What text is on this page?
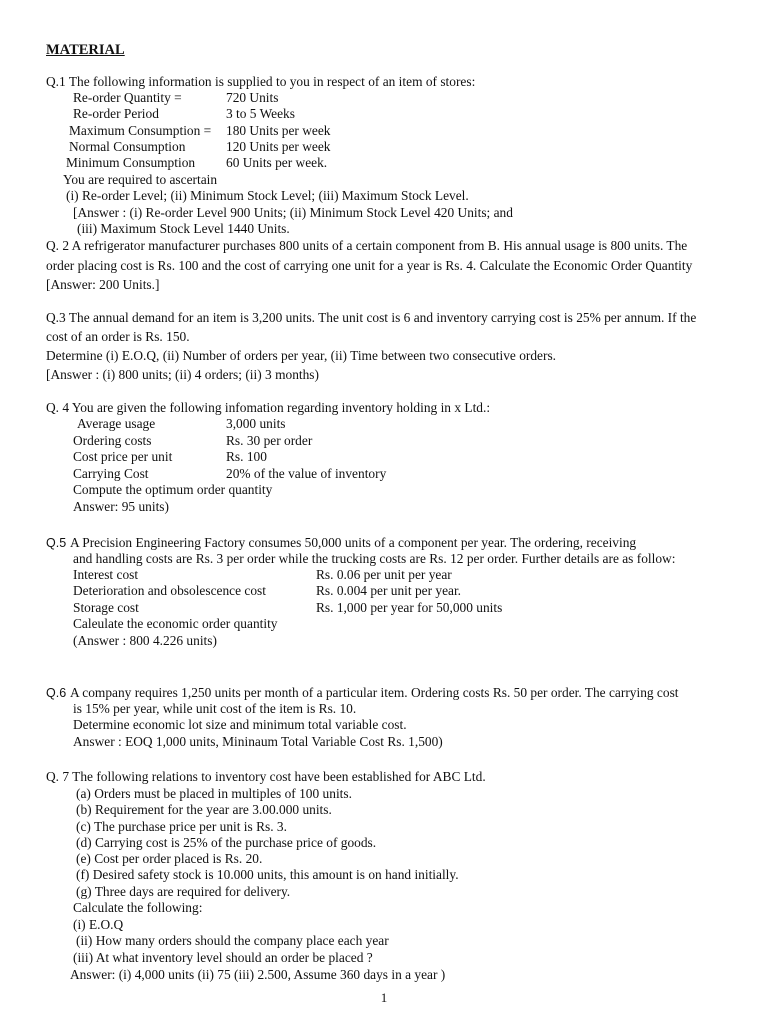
MATERIAL
Q.1 The following information is supplied to you in respect of an item of stores:
Re-order Quantity =	720 Units
Re-order Period	3 to 5 Weeks
Maximum Consumption = 180 Units per week
Normal Consumption	120 Units per week
Minimum Consumption 60 Units per week.
You are required to ascertain
(i) Re-order Level; (ii) Minimum Stock Level; (iii) Maximum Stock Level.
[Answer : (i) Re-order Level 900 Units; (ii) Minimum Stock Level 420 Units; and
(iii) Maximum Stock Level 1440 Units.
Q. 2 A refrigerator manufacturer purchases 800 units of a certain component from B. His annual usage is 800 units. The
order placing cost is Rs. 100 and the cost of carrying one unit for a year is Rs. 4. Calculate the Economic Order Quantity
[Answer: 200 Units.]
Q.3 The annual demand for an item is 3,200 units. The unit cost is 6 and inventory carrying cost is 25% per annum. If the
cost of an order is Rs. 150.
Determine (i) E.O.Q, (ii) Number of orders per year, (ii) Time between two consecutive orders.
[Answer : (i) 800 units; (ii) 4 orders; (ii) 3 months)
Q. 4 You are given the following infomation regarding inventory holding in x Ltd.:
Average usage	3,000 units
Ordering costs	Rs. 30 per order
Cost price per unit	Rs. 100
Carrying Cost	20% of the value of inventory
Compute the optimum order quantity
Answer: 95 units)
Q.5 A Precision Engineering Factory consumes 50,000 units of a component per year. The ordering, receiving
and handling costs are Rs. 3 per order while the trucking costs are Rs. 12 per order. Further details are as follow:
Interest cost	Rs. 0.06 per unit per year
Deterioration and obsolescence cost	Rs. 0.004 per unit per year.
Storage cost	Rs. 1,000 per year for 50,000 units
Caleulate the economic order quantity
(Answer : 800 4.226 units)
Q.6 A company requires 1,250 units per month of a particular item. Ordering costs Rs. 50 per order. The carrying cost
is 15% per year, while unit cost of the item is Rs. 10.
Determine economic lot size and minimum total variable cost.
Answer : EOQ 1,000 units, Mininaum Total Variable Cost Rs. 1,500)
Q. 7 The following relations to inventory cost have been established for ABC Ltd.
(a) Orders must be placed in multiples of 100 units.
(b) Requirement for the year are 3.00.000 units.
(c) The purchase price per unit is Rs. 3.
(d) Carrying cost is 25% of the purchase price of goods.
(e) Cost per order placed is Rs. 20.
(f) Desired safety stock is 10.000 units, this amount is on hand initially.
(g) Three days are required for delivery.
Calculate the following:
(i) E.O.Q
(ii) How many orders should the company place each year
(iii) At what inventory level should an order be placed ?
Answer: (i) 4,000 units (ii) 75 (iii) 2.500, Assume 360 days in a year )
1
